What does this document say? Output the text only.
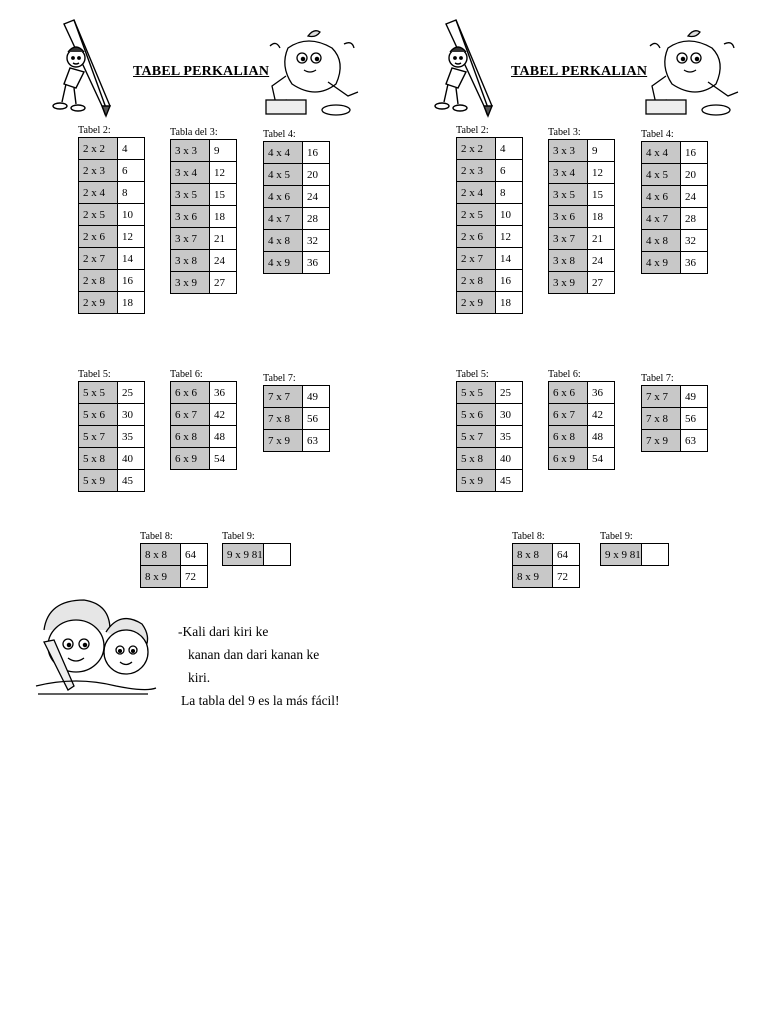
TABEL PERKALIAN
Tabel 2:
2 x 2	4
2 x 3	6
2 x 4	8
2 x 5	10
2 x 6	12
2 x 7	14
2 x 8	16
2 x 9	18
Tabla del 3:
3 x 3	9
3 x 4	12
3 x 5	15
3 x 6	18
3 x 7	21
3 x 8	24
3 x 9	27
Tabel 4:
4 x 4	16
4 x 5	20
4 x 6	24
4 x 7	28
4 x 8	32
4 x 9	36
Tabel 5:
5 x 5	25
5 x 6	30
5 x 7	35
5 x 8	40
5 x 9	45
Tabel 6:
6 x 6	36
6 x 7	42
6 x 8	48
6 x 9	54
Tabel 7:
7 x 7	49
7 x 8	56
7 x 9	63
Tabel 8:
8 x 8	64
8 x 9	72
Tabel 9:
9 x 9 81	
-Kali dari kiri ke
kanan dan dari kanan ke
kiri.
La tabla del 9 es la más fácil!
TABEL PERKALIAN
Tabel 2:
2 x 2	4
2 x 3	6
2 x 4	8
2 x 5	10
2 x 6	12
2 x 7	14
2 x 8	16
2 x 9	18
Tabel 3:
3 x 3	9
3 x 4	12
3 x 5	15
3 x 6	18
3 x 7	21
3 x 8	24
3 x 9	27
Tabel 4:
4 x 4	16
4 x 5	20
4 x 6	24
4 x 7	28
4 x 8	32
4 x 9	36
Tabel 5:
5 x 5	25
5 x 6	30
5 x 7	35
5 x 8	40
5 x 9	45
Tabel 6:
6 x 6	36
6 x 7	42
6 x 8	48
6 x 9	54
Tabel 7:
7 x 7	49
7 x 8	56
7 x 9	63
Tabel 8:
8 x 8	64
8 x 9	72
Tabel 9:
9 x 9 81	
